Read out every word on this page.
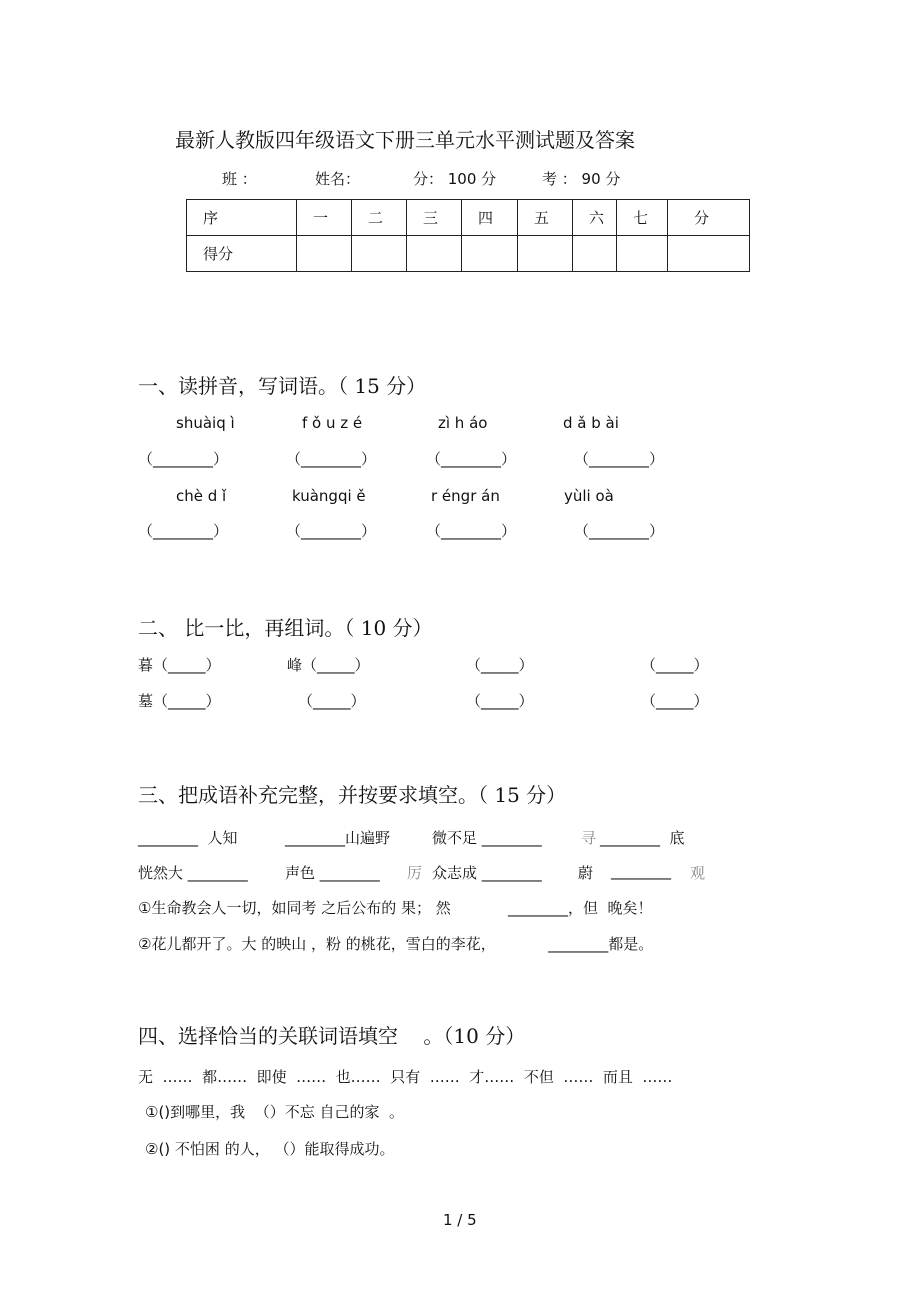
最新人教版四年级语文下册三单元水平测试题及答案
班 ：	姓名：	分： 100 分	考 ： 90 分
序	一	二	三	四	五	六	七	分
得分								
一、读拼音，写词语。（ 15 分）
shuàiq ì	f ǒ u z é	zì h áo	d ǎ b ài
（________）	（________）	（________）	（________）
chè d ǐ	kuàngqi ě	r éngr án	yùli oà
（________）	（________）	（________）	（________）
二、 比一比，再组词。（ 10 分）
暮（_____）	峰（_____）	（_____）	（_____）
墓（_____）	（_____）	（_____）	（_____）
三、把成语补充完整，并按要求填空。（ 15 分）
________  人知	________山遍野	微不足 ________	寻 ________  底
恍然大 ________ 声色 ________ 厉 众志成 ________ 蔚 ________ 观
①生命教会人一切，如同考 之后公布的 果； 然            ________，但  晚矣！
②花儿都开了。大 的映山 ，粉 的桃花，雪白的李花，           ________都是。
四、选择恰当的关联词语填空    。（10 分）
无  ……  都……  即使  ……  也……  只有  ……  才……  不但  ……  而且  ……
①()到哪里，我  （）不忘 自己的家  。
②() 不怕困 的人， （）能取得成功。
1 / 5
